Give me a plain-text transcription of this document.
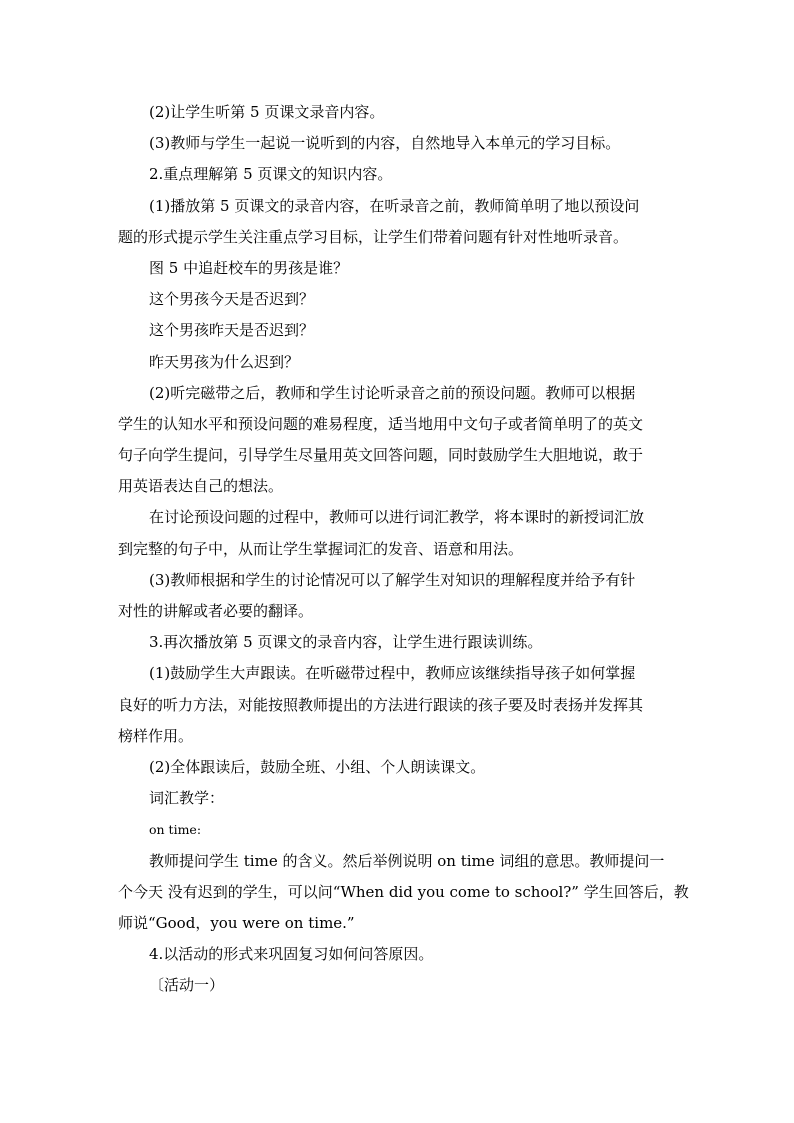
(2)让学生听第 5 页课文录音内容。
(3)教师与学生一起说一说听到的内容，自然地导入本单元的学习目标。
2.重点理解第 5 页课文的知识内容。
(1)播放第 5 页课文的录音内容，在听录音之前，教师简单明了地以预设问
题的形式提示学生关注重点学习目标，让学生们带着问题有针对性地听录音。
图 5 中追赶校车的男孩是谁？
这个男孩今天是否迟到？
这个男孩昨天是否迟到？
昨天男孩为什么迟到？
(2)听完磁带之后，教师和学生讨论听录音之前的预设问题。教师可以根据
学生的认知水平和预设问题的难易程度，适当地用中文句子或者简单明了的英文
句子向学生提问，引导学生尽量用英文回答问题，同时鼓励学生大胆地说，敢于
用英语表达自己的想法。
在讨论预设问题的过程中，教师可以进行词汇教学，将本课时的新授词汇放
到完整的句子中，从而让学生掌握词汇的发音、语意和用法。
(3)教师根据和学生的讨论情况可以了解学生对知识的理解程度并给予有针
对性的讲解或者必要的翻译。
3.再次播放第 5 页课文的录音内容，让学生进行跟读训练。
(1)鼓励学生大声跟读。在听磁带过程中，教师应该继续指导孩子如何掌握
良好的听力方法，对能按照教师提出的方法进行跟读的孩子要及时表扬并发挥其
榜样作用。
(2)全体跟读后，鼓励全班、小组、个人朗读课文。
词汇教学：
on time:
教师提问学生 time 的含义。然后举例说明 on time 词组的意思。教师提问一
个今天 没有迟到的学生，可以问“When did you come to school?” 学生回答后，教
师说“Good，you were on time.”
4.以活动的形式来巩固复习如何问答原因。
〔活动一）
